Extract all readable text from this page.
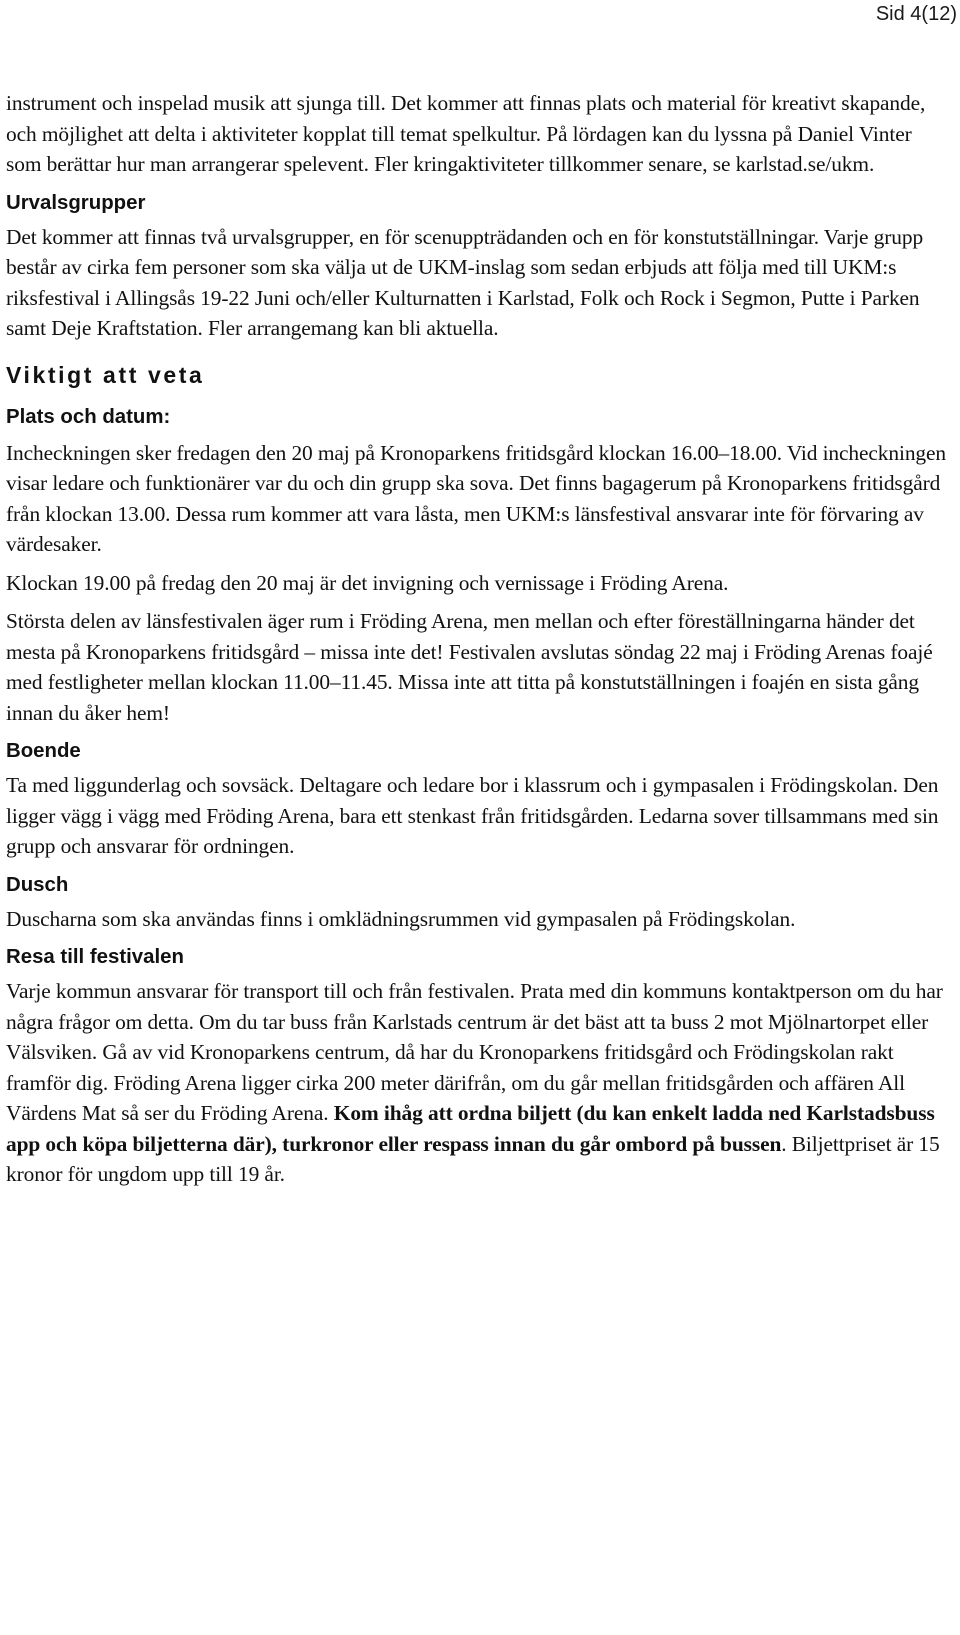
Sid 4(12)

instrument och inspelad musik att sjunga till. Det kommer att finnas plats och material för kreativt skapande, och möjlighet att delta i aktiviteter kopplat till temat spelkultur. På lördagen kan du lyssna på Daniel Vinter som berättar hur man arrangerar spelevent. Fler kringaktiviteter tillkommer senare, se karlstad.se/ukm.

Urvalsgrupper

Det kommer att finnas två urvalsgrupper, en för scenuppträdanden och en för konstutställningar. Varje grupp består av cirka fem personer som ska välja ut de UKM-inslag som sedan erbjuds att följa med till UKM:s riksfestival i Allingsås 19-22 Juni och/eller Kulturnatten i Karlstad, Folk och Rock i Segmon, Putte i Parken samt Deje Kraftstation. Fler arrangemang kan bli aktuella.

Viktigt att veta
Plats och datum:

Incheckningen sker fredagen den 20 maj på Kronoparkens fritidsgård klockan 16.00–18.00. Vid incheckningen visar ledare och funktionärer var du och din grupp ska sova. Det finns bagagerum på Kronoparkens fritidsgård från klockan 13.00. Dessa rum kommer att vara låsta, men UKM:s länsfestival ansvarar inte för förvaring av värdesaker.

Klockan 19.00 på fredag den 20 maj är det invigning och vernissage i Fröding Arena.

Största delen av länsfestivalen äger rum i Fröding Arena, men mellan och efter föreställningarna händer det mesta på Kronoparkens fritidsgård – missa inte det! Festivalen avslutas söndag 22 maj i Fröding Arenas foajé med festligheter mellan klockan 11.00–11.45. Missa inte att titta på konstutställningen i foajén en sista gång innan du åker hem!

Boende

Ta med liggunderlag och sovsäck. Deltagare och ledare bor i klassrum och i gympasalen i Frödingskolan. Den ligger vägg i vägg med Fröding Arena, bara ett stenkast från fritidsgården. Ledarna sover tillsammans med sin grupp och ansvarar för ordningen.

Dusch

Duscharna som ska användas finns i omklädningsrummen vid gympasalen på Frödingskolan.

Resa till festivalen

Varje kommun ansvarar för transport till och från festivalen. Prata med din kommuns kontaktperson om du har några frågor om detta. Om du tar buss från Karlstads centrum är det bäst att ta buss 2 mot Mjölnartorpet eller Välsviken. Gå av vid Kronoparkens centrum, då har du Kronoparkens fritidsgård och Frödingskolan rakt framför dig. Fröding Arena ligger cirka 200 meter därifrån, om du går mellan fritidsgården och affären All Värdens Mat så ser du Fröding Arena. Kom ihåg att ordna biljett (du kan enkelt ladda ned Karlstadsbuss app och köpa biljetterna där), turkronor eller respass innan du går ombord på bussen. Biljettpriset är 15 kronor för ungdom upp till 19 år.
